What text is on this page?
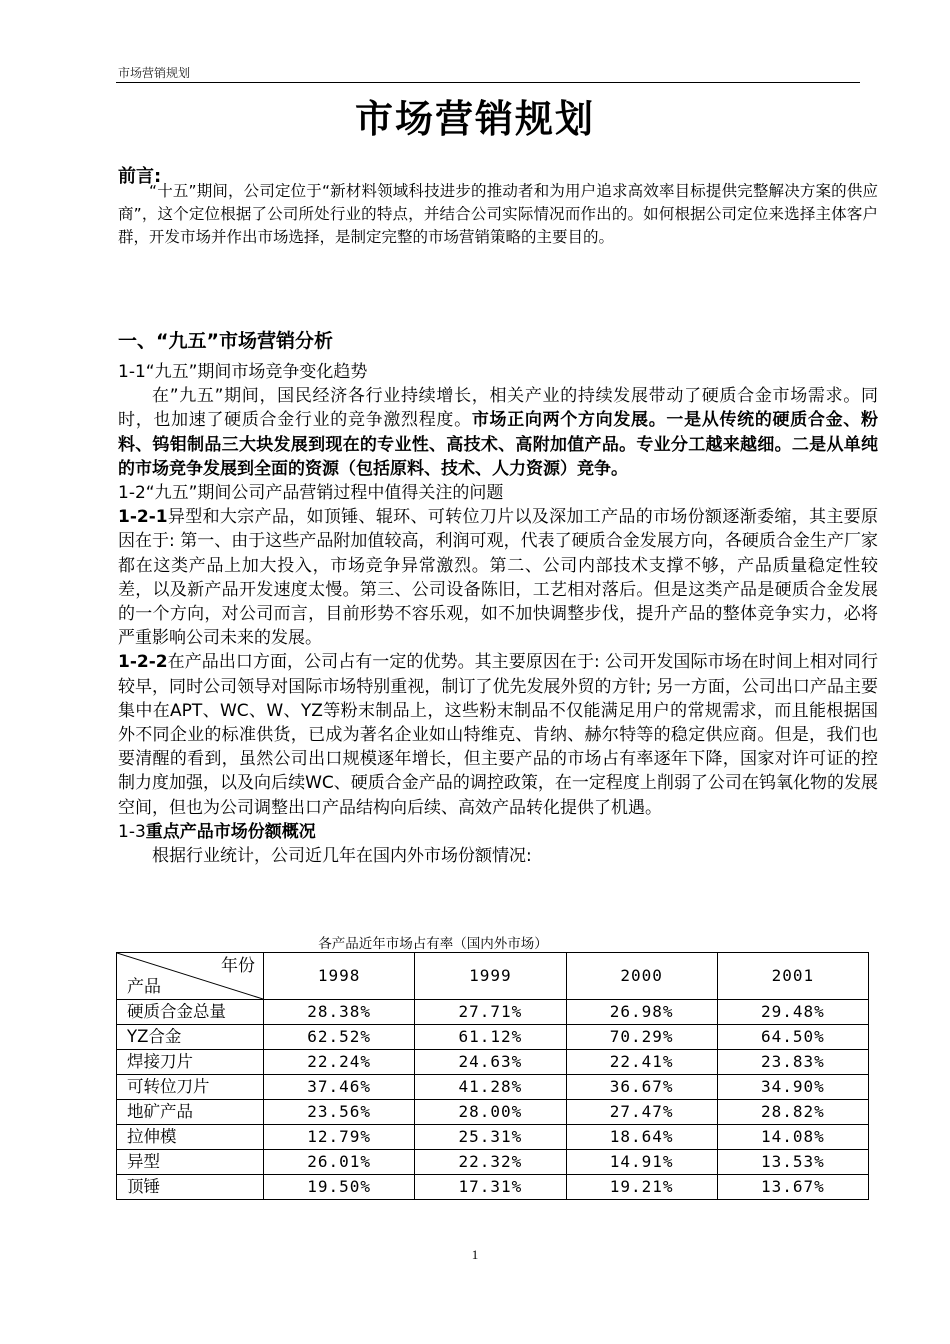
市场营销规划
市场营销规划
前言:
“十五”期间，公司定位于“新材料领域科技进步的推动者和为用户追求高效率目标提供完整解决方案的供应商”，这个定位根据了公司所处行业的特点，并结合公司实际情况而作出的。如何根据公司定位来选择主体客户群，开发市场并作出市场选择，是制定完整的市场营销策略的主要目的。
一、“九五”市场营销分析

1-1“九五”期间市场竞争变化趋势

在”九五”期间，国民经济各行业持续增长，相关产业的持续发展带动了硬质合金市场需求。同时，也加速了硬质合金行业的竞争激烈程度。市场正向两个方向发展。一是从传统的硬质合金、粉料、钨钼制品三大块发展到现在的专业性、高技术、高附加值产品。专业分工越来越细。二是从单纯的市场竞争发展到全面的资源（包括原料、技术、人力资源）竞争。

1-2“九五”期间公司产品营销过程中值得关注的问题

1-2-1异型和大宗产品，如顶锤、辊环、可转位刀片以及深加工产品的市场份额逐渐委缩，其主要原因在于: 第一、由于这些产品附加值较高，利润可观，代表了硬质合金发展方向，各硬质合金生产厂家都在这类产品上加大投入，市场竞争异常激烈。第二、公司内部技术支撑不够，产品质量稳定性较差，以及新产品开发速度太慢。第三、公司设备陈旧，工艺相对落后。但是这类产品是硬质合金发展的一个方向，对公司而言，目前形势不容乐观，如不加快调整步伐，提升产品的整体竞争实力，必将严重影响公司未来的发展。

1-2-2在产品出口方面，公司占有一定的优势。其主要原因在于: 公司开发国际市场在时间上相对同行较早，同时公司领导对国际市场特别重视，制订了优先发展外贸的方针; 另一方面，公司出口产品主要集中在APT、WC、W、YZ等粉末制品上，这些粉末制品不仅能满足用户的常规需求，而且能根据国外不同企业的标准供货，已成为著名企业如山特维克、肯纳、赫尔特等的稳定供应商。但是，我们也要清醒的看到，虽然公司出口规模逐年增长，但主要产品的市场占有率逐年下降，国家对许可证的控制力度加强，以及向后续WC、硬质合金产品的调控政策，在一定程度上削弱了公司在钨氧化物的发展空间，但也为公司调整出口产品结构向后续、高效产品转化提供了机遇。

1-3重点产品市场份额概况

根据行业统计，公司近几年在国内外市场份额情况:

各产品近年市场占有率（国内外市场）
年份
产品	1998	1999	2000	2001
硬质合金总量	28.38%	27.71%	26.98%	29.48%
YZ合金	62.52%	61.12%	70.29%	64.50%
焊接刀片	22.24%	24.63%	22.41%	23.83%
可转位刀片	37.46%	41.28%	36.67%	34.90%
地矿产品	23.56%	28.00%	27.47%	28.82%
拉伸模	12.79%	25.31%	18.64%	14.08%
异型	26.01%	22.32%	14.91%	13.53%
顶锤	19.50%	17.31%	19.21%	13.67%
1
